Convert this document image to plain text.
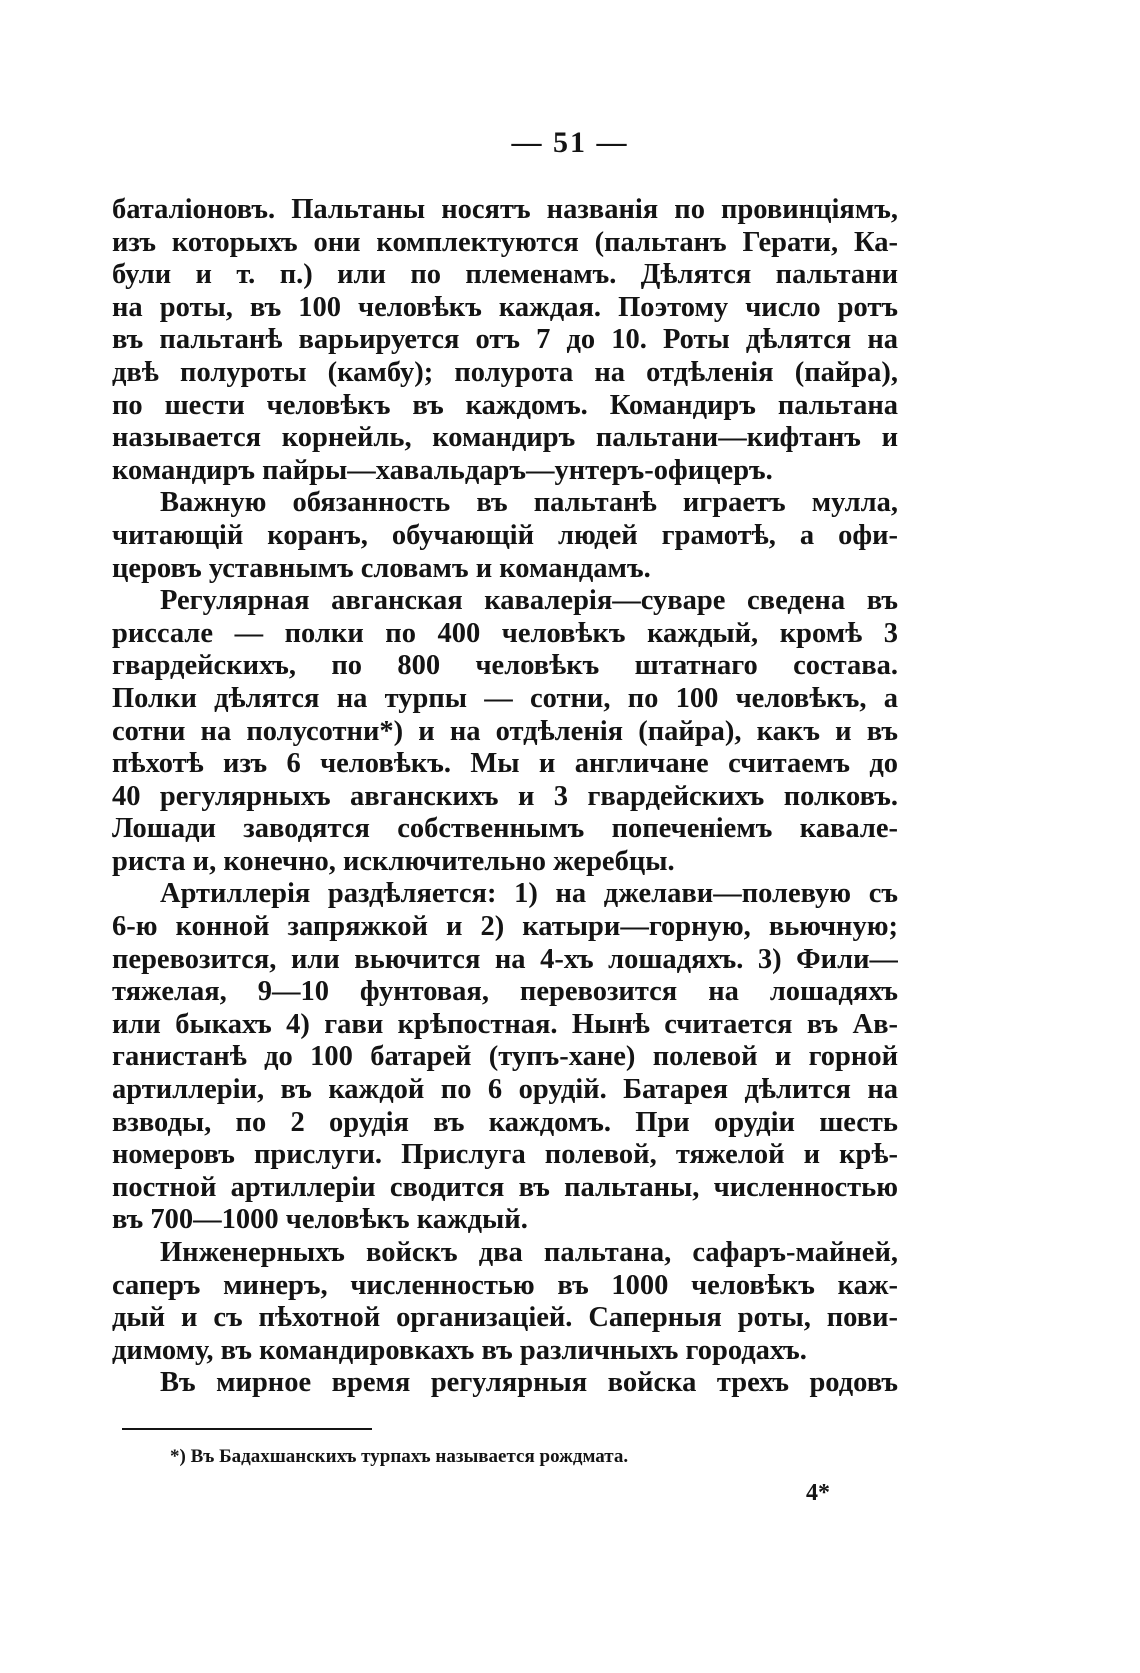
— 51 —
баталіоновъ. Пальтаны носятъ названія по провинціямъ,
изъ которыхъ они комплектуются (пальтанъ Герати, Ка-
були и т. п.) или по племенамъ. Дѣлятся пальтани
на роты, въ 100 человѣкъ каждая. Поэтому число ротъ
въ пальтанѣ варьируется отъ 7 до 10. Роты дѣлятся на
двѣ полуроты (камбу); полурота на отдѣленія (пайра),
по шести человѣкъ въ каждомъ. Командиръ пальтана
называется корнейль, командиръ пальтани—кифтанъ и
командиръ пайры—хавальдаръ—унтеръ-офицеръ.
Важную обязанность въ пальтанѣ играетъ мулла,
читающій коранъ, обучающій людей грамотѣ, а офи-
церовъ уставнымъ словамъ и командамъ.
Регулярная авганская кавалерія—суваре сведена въ
риссале — полки по 400 человѣкъ каждый, кромѣ 3
гвардейскихъ, по 800 человѣкъ штатнаго состава.
Полки дѣлятся на турпы — сотни, по 100 человѣкъ, а
сотни на полусотни*) и на отдѣленія (пайра), какъ и въ
пѣхотѣ изъ 6 человѣкъ. Мы и англичане считаемъ до
40 регулярныхъ авганскихъ и 3 гвардейскихъ полковъ.
Лошади заводятся собственнымъ попеченіемъ кавале-
риста и, конечно, исключительно жеребцы.
Артиллерія раздѣляется: 1) на джелави—полевую съ
6-ю конной запряжкой и 2) катыри—горную, вьючную;
перевозится, или вьючится на 4-хъ лошадяхъ. 3) Фили—
тяжелая, 9—10 фунтовая, перевозится на лошадяхъ
или быкахъ 4) гави крѣпостная. Нынѣ считается въ Ав-
ганистанѣ до 100 батарей (тупъ-хане) полевой и горной
артиллеріи, въ каждой по 6 орудій. Батарея дѣлится на
взводы, по 2 орудія въ каждомъ. При орудіи шесть
номеровъ прислуги. Прислуга полевой, тяжелой и крѣ-
постной артиллеріи сводится въ пальтаны, численностью
въ 700—1000 человѣкъ каждый.
Инженерныхъ войскъ два пальтана, сафаръ-майней,
саперъ минеръ, численностью въ 1000 человѣкъ каж-
дый и съ пѣхотной организаціей. Саперныя роты, пови-
димому, въ командировкахъ въ различныхъ городахъ.
Въ мирное время регулярныя войска трехъ родовъ
*) Въ Бадахшанскихъ турпахъ называется рождмата.
4*
